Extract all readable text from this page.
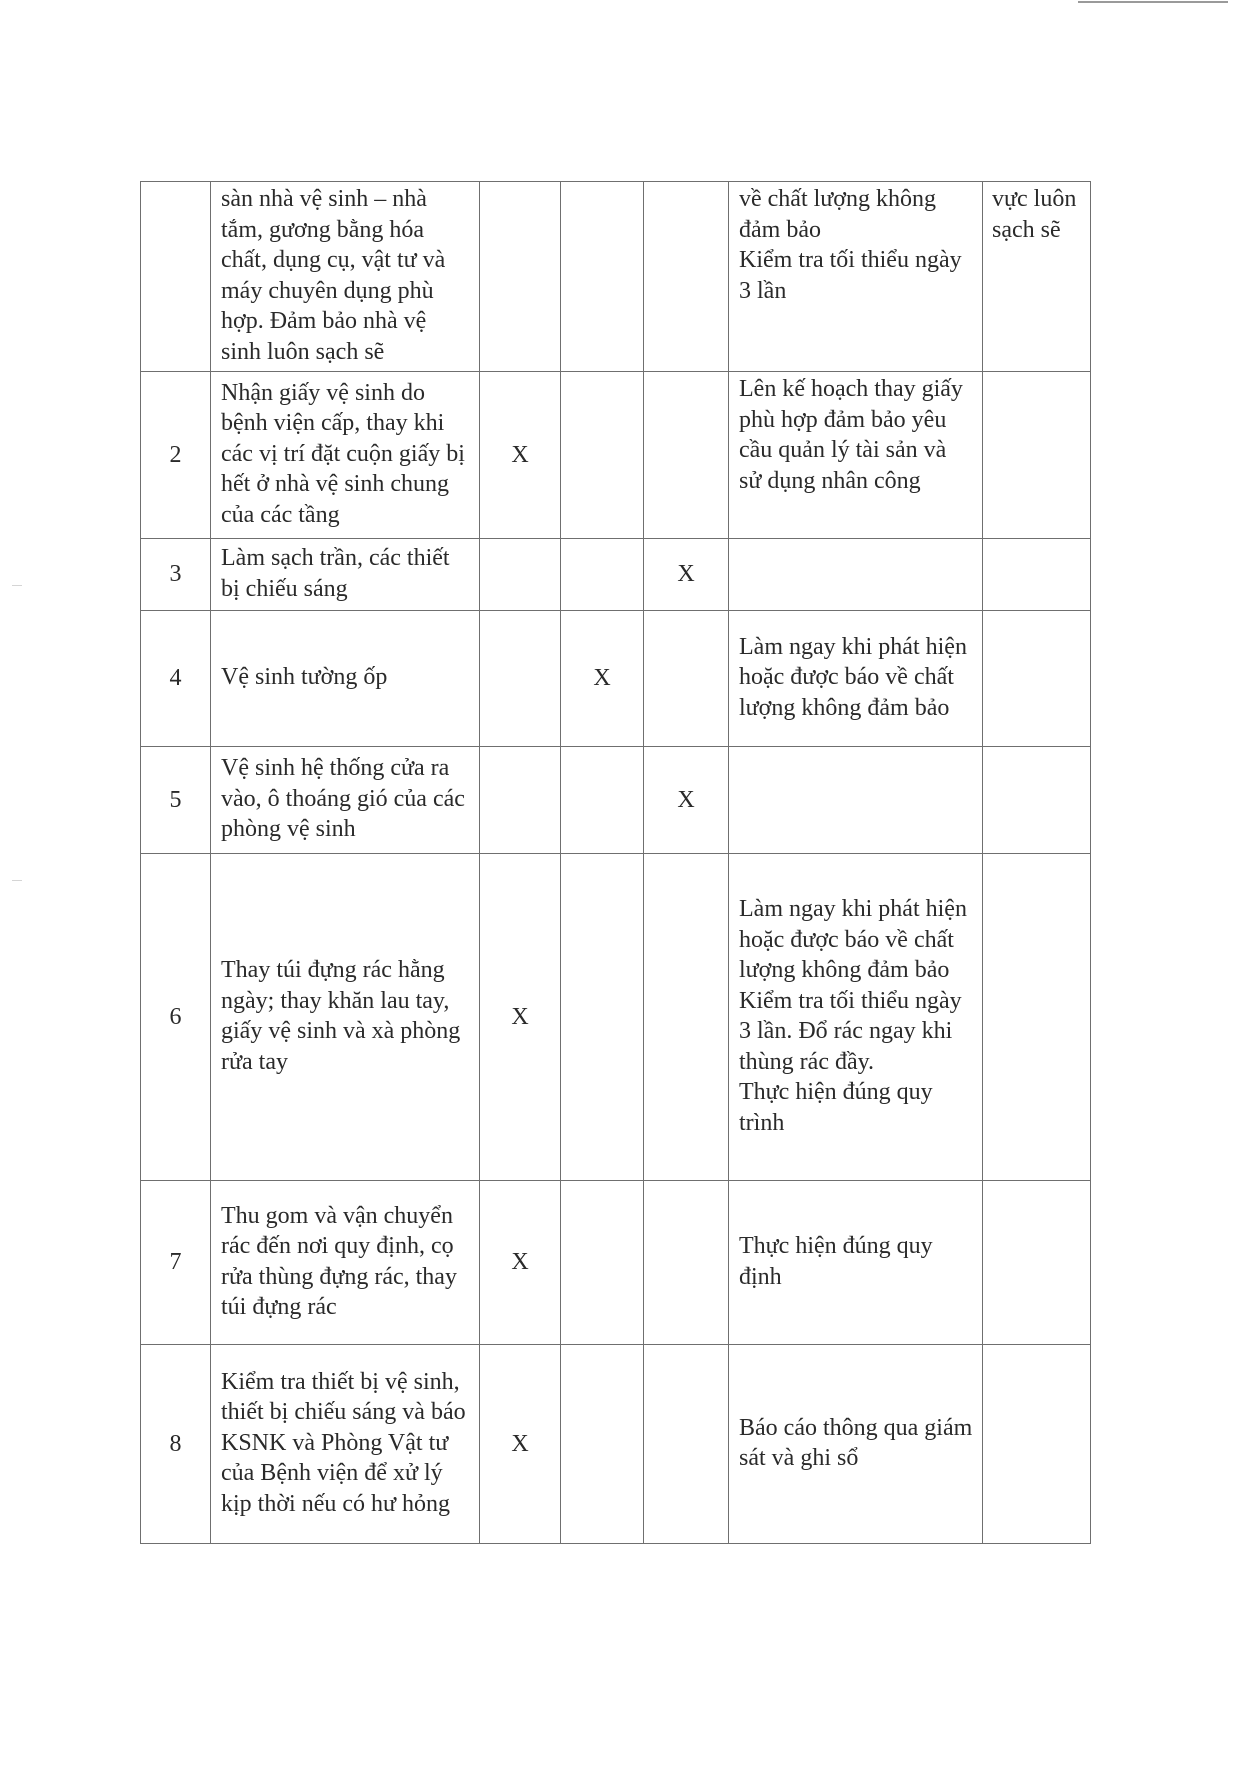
	sàn nhà vệ sinh – nhà tắm, gương bằng hóa chất, dụng cụ, vật tư và máy chuyên dụng phù hợp. Đảm bảo nhà vệ sinh luôn sạch sẽ				về chất lượng không đảm bảo
Kiểm tra tối thiểu ngày 3 lần	vực luôn sạch sẽ
2	Nhận giấy vệ sinh do bệnh viện cấp, thay khi các vị trí đặt cuộn giấy bị hết ở nhà vệ sinh chung của các tầng	X			Lên kế hoạch thay giấy phù hợp đảm bảo yêu cầu quản lý tài sản và sử dụng nhân công	
3	Làm sạch trần, các thiết bị chiếu sáng			X		
4	Vệ sinh tường ốp		X		Làm ngay khi phát hiện hoặc được báo về chất lượng không đảm bảo	
5	Vệ sinh hệ thống cửa ra vào, ô thoáng gió của các phòng vệ sinh			X		
6	Thay túi đựng rác hằng ngày; thay khăn lau tay, giấy vệ sinh và xà phòng rửa tay	X			Làm ngay khi phát hiện hoặc được báo về chất lượng không đảm bảo
Kiểm tra tối thiểu ngày 3 lần. Đổ rác ngay khi thùng rác đầy.
Thực hiện đúng quy trình	
7	Thu gom và vận chuyển rác đến nơi quy định, cọ rửa thùng đựng rác, thay túi đựng rác	X			Thực hiện đúng quy định	
8	Kiểm tra thiết bị vệ sinh, thiết bị chiếu sáng và báo KSNK và Phòng Vật tư của Bệnh viện để xử lý kịp thời nếu có hư hỏng	X			Báo cáo thông qua giám sát và ghi sổ	
